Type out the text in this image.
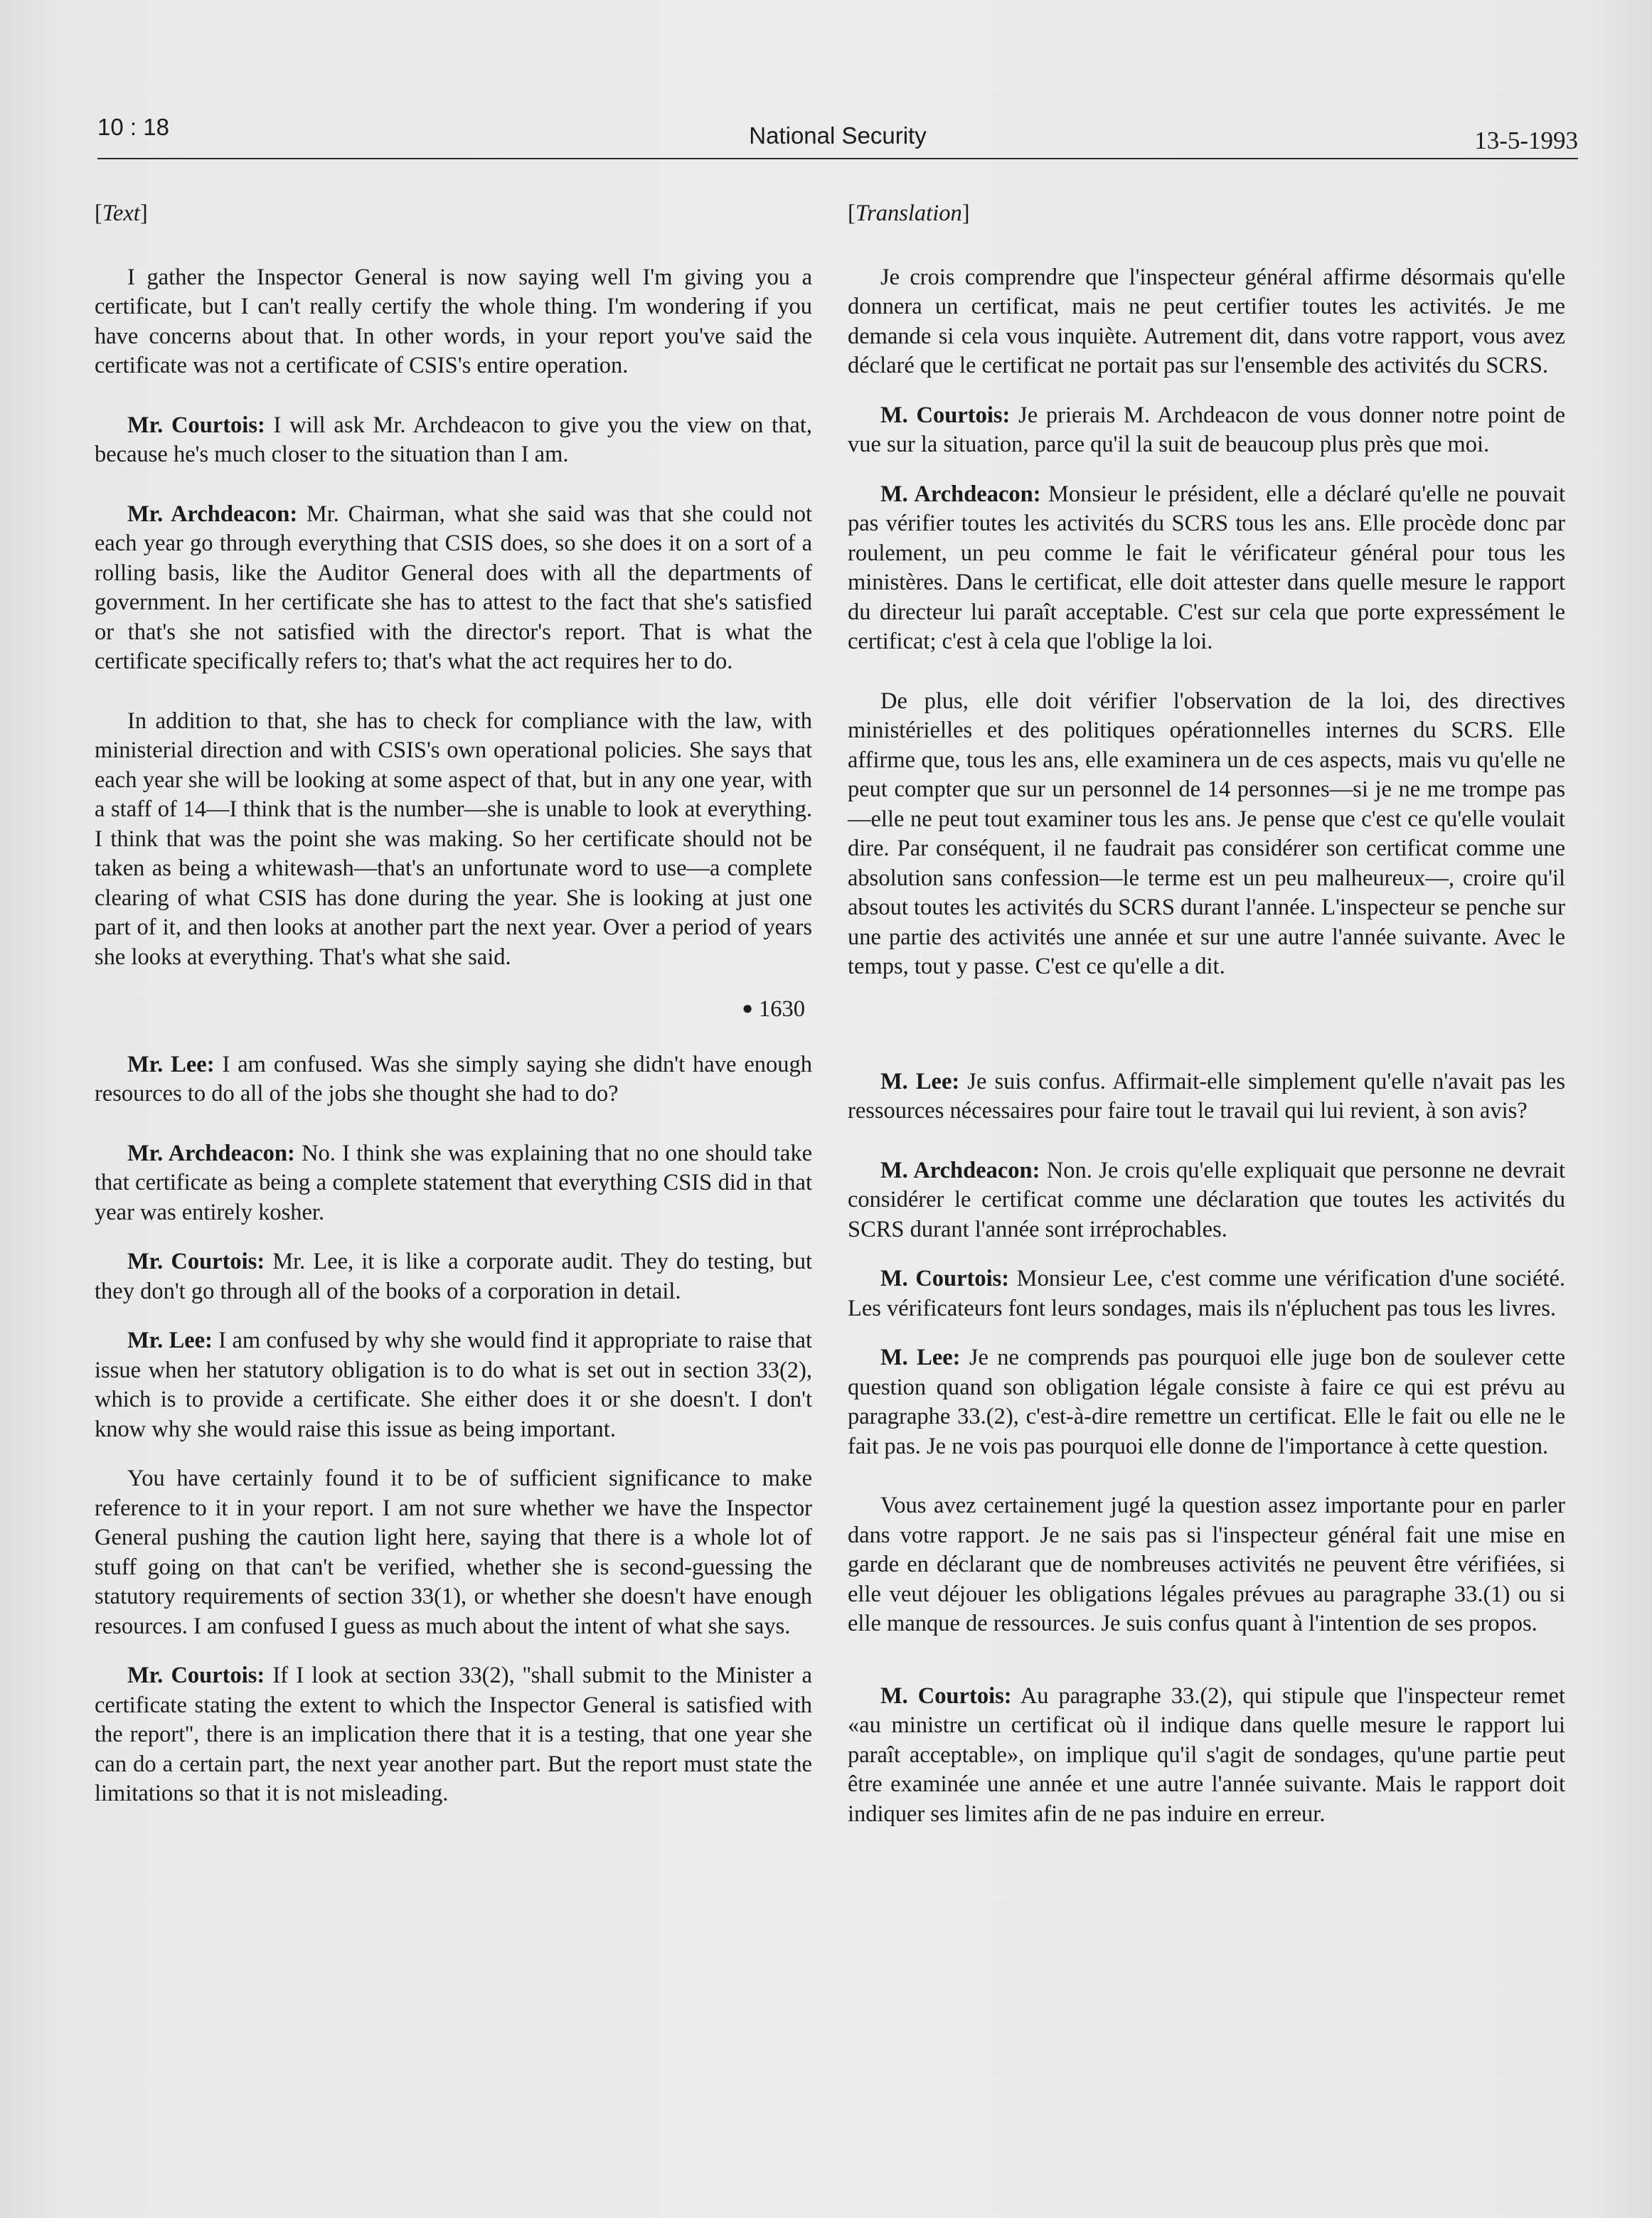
10 : 18	National Security	13-5-1993
[Text]

I gather the Inspector General is now saying well I'm giving you a certificate, but I can't really certify the whole thing. I'm wondering if you have concerns about that. In other words, in your report you've said the certificate was not a certificate of CSIS's entire operation.

Mr. Courtois: I will ask Mr. Archdeacon to give you the view on that, because he's much closer to the situation than I am.

Mr. Archdeacon: Mr. Chairman, what she said was that she could not each year go through everything that CSIS does, so she does it on a sort of a rolling basis, like the Auditor General does with all the departments of government. In her certificate she has to attest to the fact that she's satisfied or that's she not satisfied with the director's report. That is what the certificate specifically refers to; that's what the act requires her to do.

In addition to that, she has to check for compliance with the law, with ministerial direction and with CSIS's own operational policies. She says that each year she will be looking at some aspect of that, but in any one year, with a staff of 14—I think that is the number—she is unable to look at everything. I think that was the point she was making. So her certificate should not be taken as being a whitewash—that's an unfortunate word to use—a complete clearing of what CSIS has done during the year. She is looking at just one part of it, and then looks at another part the next year. Over a period of years she looks at everything. That's what she said.

● 1630

Mr. Lee: I am confused. Was she simply saying she didn't have enough resources to do all of the jobs she thought she had to do?

Mr. Archdeacon: No. I think she was explaining that no one should take that certificate as being a complete statement that everything CSIS did in that year was entirely kosher.

Mr. Courtois: Mr. Lee, it is like a corporate audit. They do testing, but they don't go through all of the books of a corporation in detail.

Mr. Lee: I am confused by why she would find it appropriate to raise that issue when her statutory obligation is to do what is set out in section 33(2), which is to provide a certificate. She either does it or she doesn't. I don't know why she would raise this issue as being important.

You have certainly found it to be of sufficient significance to make reference to it in your report. I am not sure whether we have the Inspector General pushing the caution light here, saying that there is a whole lot of stuff going on that can't be verified, whether she is second-guessing the statutory requirements of section 33(1), or whether she doesn't have enough resources. I am confused I guess as much about the intent of what she says.

Mr. Courtois: If I look at section 33(2), ''shall submit to the Minister a certificate stating the extent to which the Inspector General is satisfied with the report'', there is an implication there that it is a testing, that one year she can do a certain part, the next year another part. But the report must state the limitations so that it is not misleading.

[Translation]

Je crois comprendre que l'inspecteur général affirme désormais qu'elle donnera un certificat, mais ne peut certifier toutes les activités. Je me demande si cela vous inquiète. Autrement dit, dans votre rapport, vous avez déclaré que le certificat ne portait pas sur l'ensemble des activités du SCRS.

M. Courtois: Je prierais M. Archdeacon de vous donner notre point de vue sur la situation, parce qu'il la suit de beaucoup plus près que moi.

M. Archdeacon: Monsieur le président, elle a déclaré qu'elle ne pouvait pas vérifier toutes les activités du SCRS tous les ans. Elle procède donc par roulement, un peu comme le fait le vérificateur général pour tous les ministères. Dans le certificat, elle doit attester dans quelle mesure le rapport du directeur lui paraît acceptable. C'est sur cela que porte expressément le certificat; c'est à cela que l'oblige la loi.

De plus, elle doit vérifier l'observation de la loi, des directives ministérielles et des politiques opérationnelles internes du SCRS. Elle affirme que, tous les ans, elle examinera un de ces aspects, mais vu qu'elle ne peut compter que sur un personnel de 14 personnes—si je ne me trompe pas—elle ne peut tout examiner tous les ans. Je pense que c'est ce qu'elle voulait dire. Par conséquent, il ne faudrait pas considérer son certificat comme une absolution sans confession—le terme est un peu malheureux—, croire qu'il absout toutes les activités du SCRS durant l'année. L'inspecteur se penche sur une partie des activités une année et sur une autre l'année suivante. Avec le temps, tout y passe. C'est ce qu'elle a dit.

M. Lee: Je suis confus. Affirmait-elle simplement qu'elle n'avait pas les ressources nécessaires pour faire tout le travail qui lui revient, à son avis?

M. Archdeacon: Non. Je crois qu'elle expliquait que personne ne devrait considérer le certificat comme une déclaration que toutes les activités du SCRS durant l'année sont irréprochables.

M. Courtois: Monsieur Lee, c'est comme une vérification d'une société. Les vérificateurs font leurs sondages, mais ils n'épluchent pas tous les livres.

M. Lee: Je ne comprends pas pourquoi elle juge bon de soulever cette question quand son obligation légale consiste à faire ce qui est prévu au paragraphe 33.(2), c'est-à-dire remettre un certificat. Elle le fait ou elle ne le fait pas. Je ne vois pas pourquoi elle donne de l'importance à cette question.

Vous avez certainement jugé la question assez importante pour en parler dans votre rapport. Je ne sais pas si l'inspecteur général fait une mise en garde en déclarant que de nombreuses activités ne peuvent être vérifiées, si elle veut déjouer les obligations légales prévues au paragraphe 33.(1) ou si elle manque de ressources. Je suis confus quant à l'intention de ses propos.

M. Courtois: Au paragraphe 33.(2), qui stipule que l'inspecteur remet «au ministre un certificat où il indique dans quelle mesure le rapport lui paraît acceptable», on implique qu'il s'agit de sondages, qu'une partie peut être examinée une année et une autre l'année suivante. Mais le rapport doit indiquer ses limites afin de ne pas induire en erreur.
